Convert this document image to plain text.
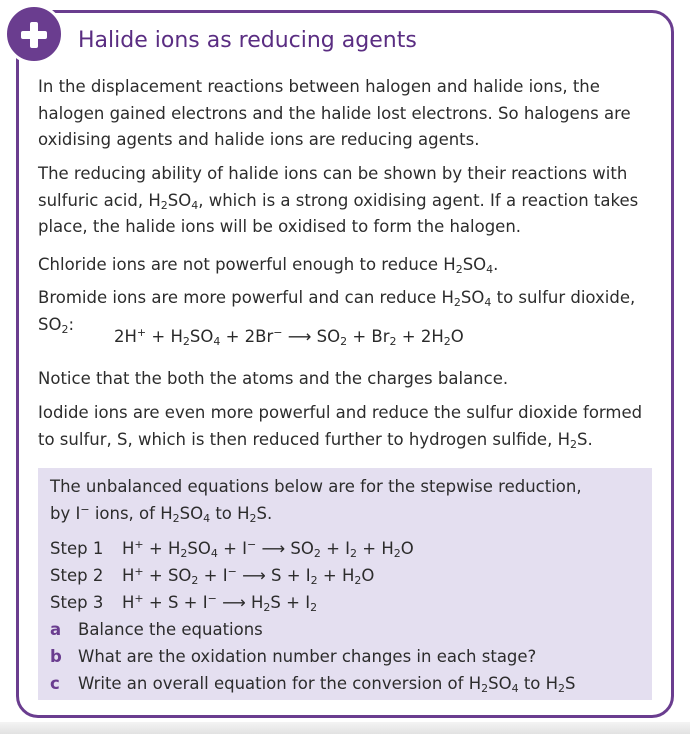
Halide ions as reducing agents
In the displacement reactions between halogen and halide ions, the halogen gained electrons and the halide lost electrons. So halogens are oxidising agents and halide ions are reducing agents.
The reducing ability of halide ions can be shown by their reactions with sulfuric acid, $H_2SO_4$, which is a strong oxidising agent. If a reaction takes place, the halide ions will be oxidised to form the halogen.
Chloride ions are not powerful enough to reduce $H_2SO_4$.
Bromide ions are more powerful and can reduce $H_2SO_4$ to sulfur dioxide, $SO_2$:
$2H^+ + H_2SO_4 + 2Br^-$ ⟶ $SO_2 + Br_2 + 2H_2O$
Notice that the both the atoms and the charges balance.
Iodide ions are even more powerful and reduce the sulfur dioxide formed to sulfur, S, which is then reduced further to hydrogen sulfide, $H_2S$.
The unbalanced equations below are for the stepwise reduction,
by I− ions, of $H_2SO_4$ to $H_2S$.
Step 1 $H^+ + H_2SO_4 + I^-$ ⟶ $SO_2 + I_2 + H_2O$
Step 2 $H^+ + SO_2 + I^-$ ⟶ $S + I_2 + H_2O$
Step 3 H+ + S + I− ⟶ $H_2S + I_2$
a Balance the equations
b What are the oxidation number changes in each stage?
c Write an overall equation for the conversion of $H_2SO_4$ to $H_2S$
